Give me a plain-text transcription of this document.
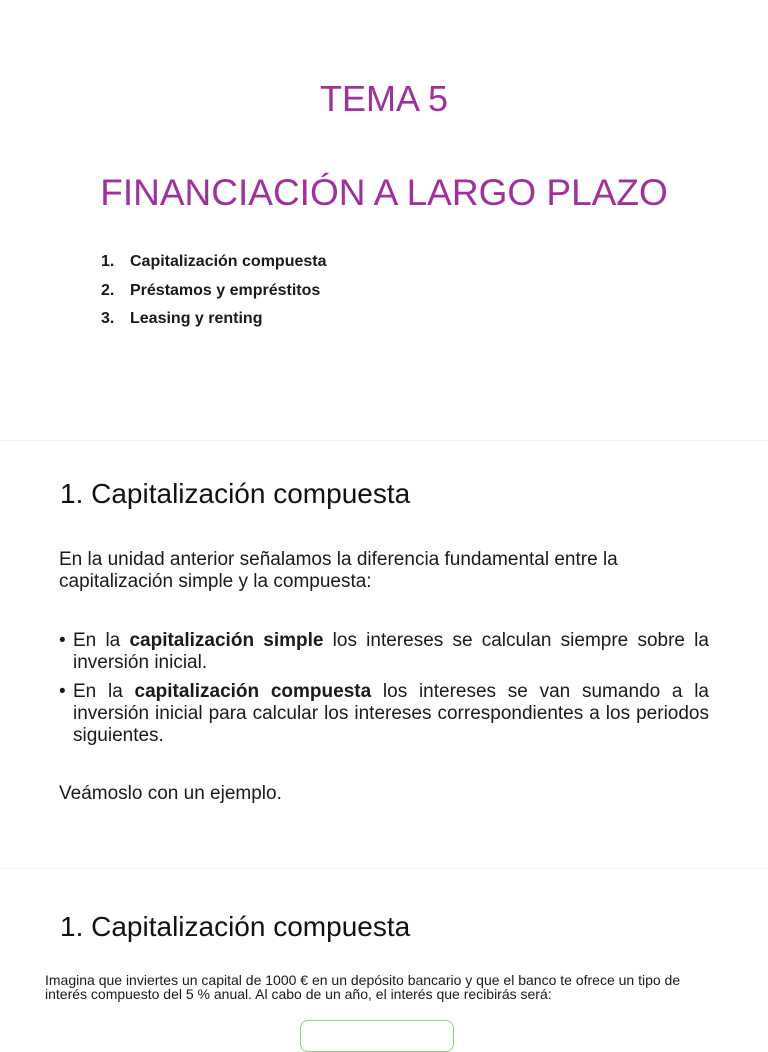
TEMA 5
FINANCIACIÓN A LARGO PLAZO
1. Capitalización compuesta
2. Préstamos y empréstitos
3. Leasing y renting
1. Capitalización compuesta

En la unidad anterior señalamos la diferencia fundamental entre la capitalización simple y la compuesta:

• En la capitalización simple los intereses se calculan siempre sobre la inversión inicial.
• En la capitalización compuesta los intereses se van sumando a la inversión inicial para calcular los intereses correspondientes a los periodos siguientes.

Veámoslo con un ejemplo.

1. Capitalización compuesta

Imagina que inviertes un capital de 1000 € en un depósito bancario y que el banco te ofrece un tipo de interés compuesto del 5 % anual. Al cabo de un año, el interés que recibirás será:
